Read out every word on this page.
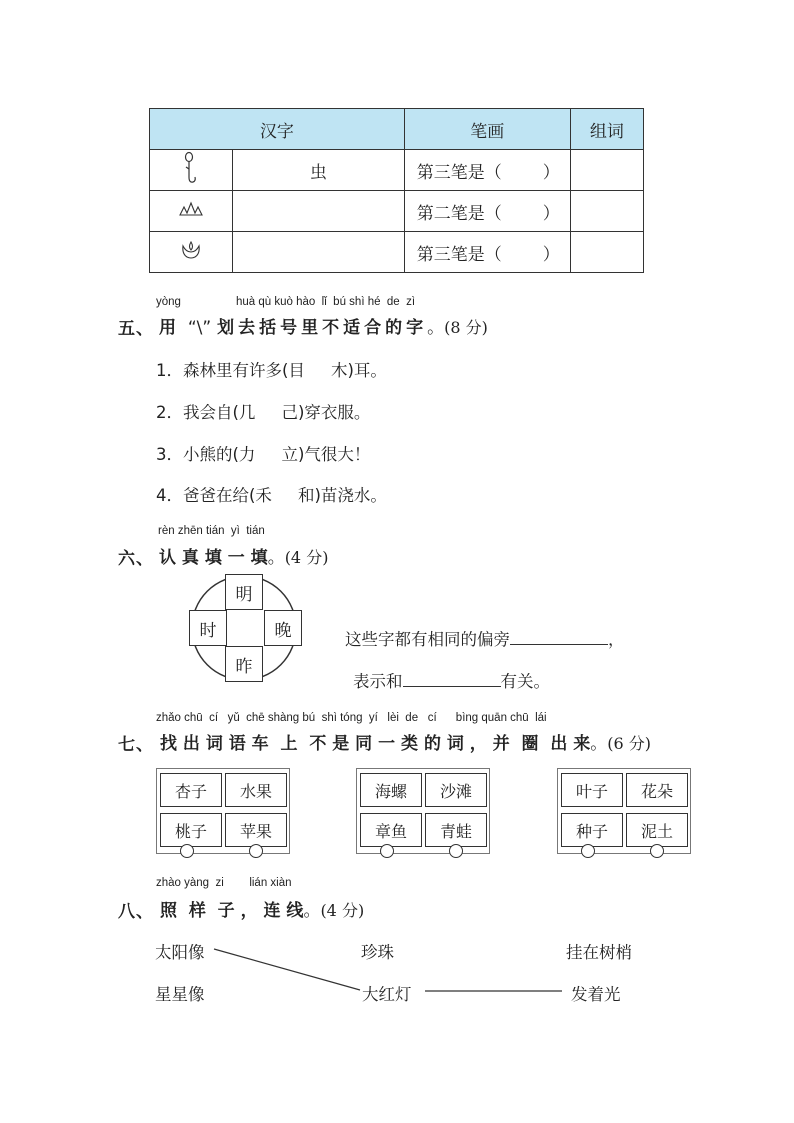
汉字		笔画	组词
	虫	第三笔是（ ）	
		第二笔是（ ）	
		第三笔是（ ）	
yòng	huà qù kuò hào  lǐ  bú shì hé  de  zì
五、 用 “\” 划去括号里不适合的字。(8 分)
1．森林里有许多(目 木)耳。
2．我会自(几 己)穿衣服。
3．小熊的(力 立)气很大！
4．爸爸在给(禾 和)苗浇水。
rèn zhēn tián  yì  tián
六、 认 真 填 一 填。(4 分)
明
时	晚
昨
这些字都有相同的偏旁	，
表示和	有关。
zhǎo chū  cí   yǔ  chē shàng bú  shì tóng  yí   lèi  de   cí      bìng quān chū  lái
七、 找 出 词 语 车  上  不 是 同 一 类 的 词 ， 并  圈  出 来。(6 分)
杏子	水果
桃子	苹果
海螺	沙滩
章鱼	青蛙
叶子	花朵
种子	泥土
zhào yàng  zi        lián xiàn
八、 照  样  子 ， 连 线。(4 分)
太阳像
星星像
珍珠
大红灯
挂在树梢
发着光
